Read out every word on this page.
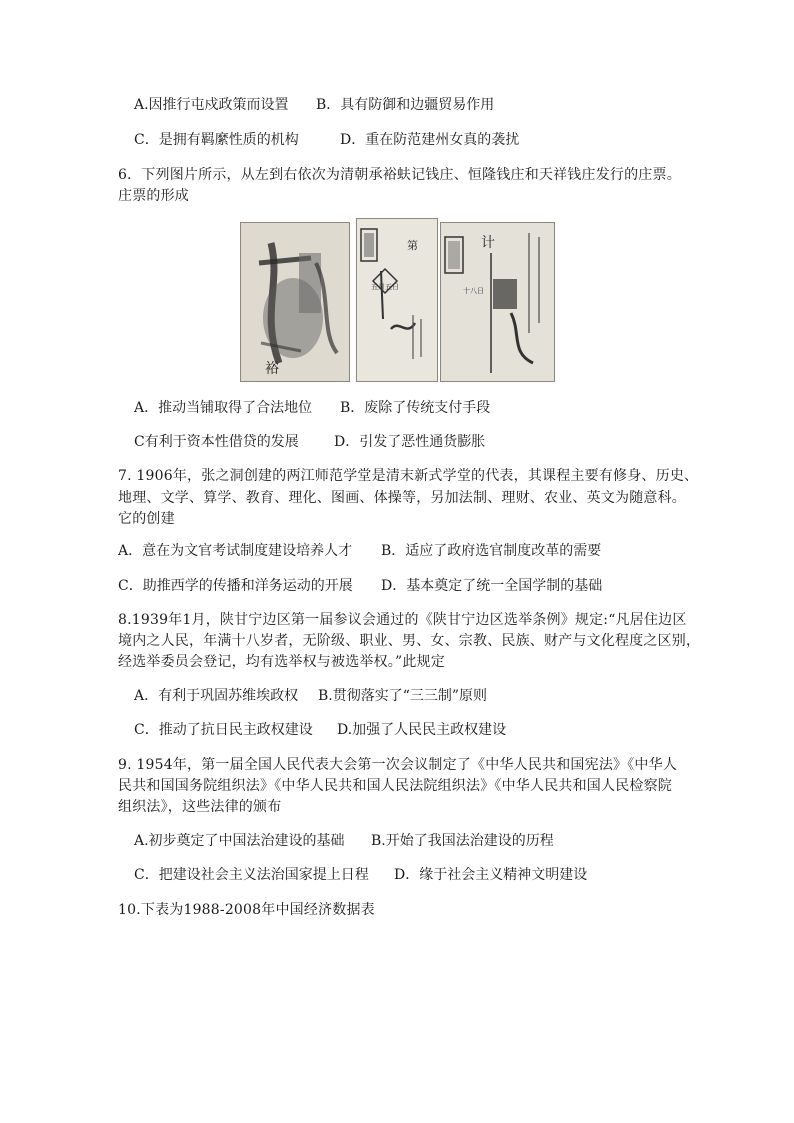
A.因推行屯戍政策而设置 B．具有防御和边疆贸易作用
C．是拥有羁縻性质的机构	D．重在防范建州女真的袭扰
6．下列图片所示，从左到右依次为清朝承裕蚨记钱庄、恒隆钱庄和天祥钱庄发行的庄票。
庄票的形成
裕
第
五月五日
计
十八日
A．推动当铺取得了合法地位 B．废除了传统支付手段
C有利于资本性借贷的发展	D．引发了恶性通货膨胀
7. 1906年，张之洞创建的两江师范学堂是清末新式学堂的代表，其课程主要有修身、历史、
地理、文学、算学、教育、理化、图画、体操等，另加法制、理财、农业、英文为随意科。
它的创建
A．意在为文官考试制度建设培养人才 B．适应了政府选官制度改革的需要
C．助推西学的传播和洋务运动的开展 D．基本奠定了统一全国学制的基础
8.1939年1月，陕甘宁边区第一届参议会通过的《陕甘宁边区选举条例》规定:“凡居住边区
境内之人民，年满十八岁者，无阶级、职业、男、女、宗教、民族、财产与文化程度之区别，
经选举委员会登记，均有选举权与被选举权。”此规定
A．有利于巩固苏维埃政权 B.贯彻落实了“三三制”原则
C．推动了抗日民主政权建设 D.加强了人民民主政权建设
9. 1954年，第一届全国人民代表大会第一次会议制定了《中华人民共和国宪法》《中华人
民共和国国务院组织法》《中华人民共和国人民法院组织法》《中华人民共和国人民检察院
组织法》，这些法律的颁布
A.初步奠定了中国法治建设的基础 B.开始了我国法治建设的历程
C．把建设社会主义法治国家提上日程 D．缘于社会主义精神文明建设
10.下表为1988-2008年中国经济数据表
